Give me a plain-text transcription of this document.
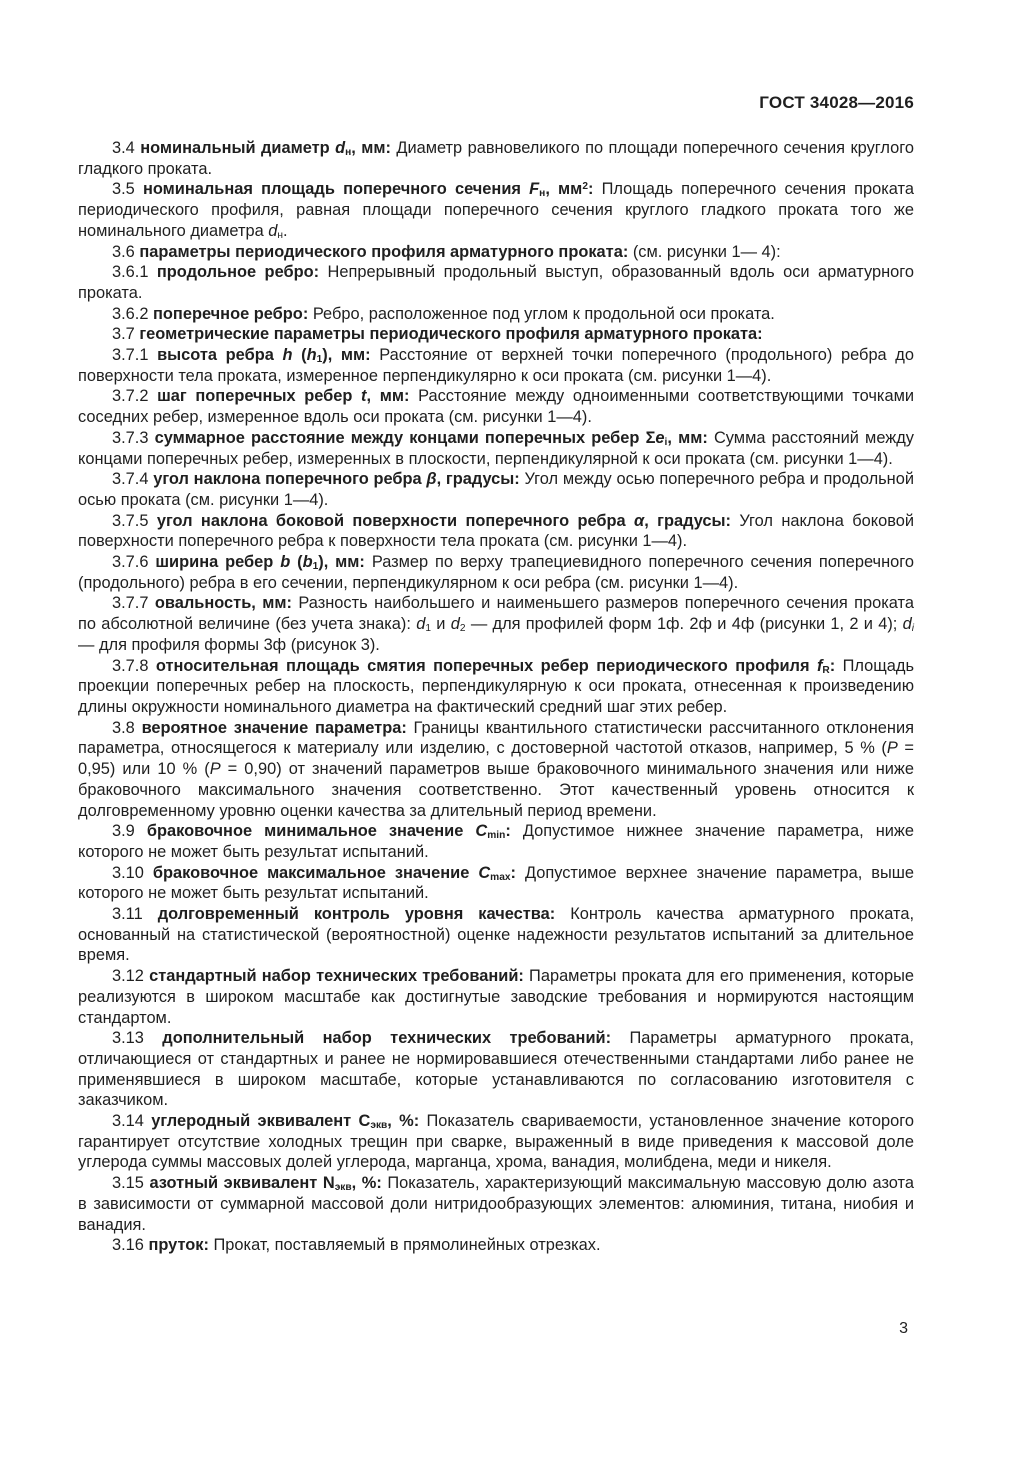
ГОСТ 34028—2016

3.4 номинальный диаметр $d_н$, мм: Диаметр равновеликого по площади поперечного сечения круглого гладкого проката.

3.5 номинальная площадь поперечного сечения $F_н$, $мм^2$: Площадь поперечного сечения проката периодического профиля, равная площади поперечного сечения круглого гладкого проката того же номинального диаметра $d_н$.

3.6 параметры периодического профиля арматурного проката: (см. рисунки 1— 4):

3.6.1 продольное ребро: Непрерывный продольный выступ, образованный вдоль оси арматурного проката.

3.6.2 поперечное ребро: Ребро, расположенное под углом к продольной оси проката.

3.7 геометрические параметры периодического профиля арматурного проката:

3.7.1 высота ребра h $(h_1)$, мм: Расстояние от верхней точки поперечного (продольного) ребра до поверхности тела проката, измеренное перпендикулярно к оси проката (см. рисунки 1—4).

3.7.2 шаг поперечных ребер t, мм: Расстояние между одноименными соответствующими точками соседних ребер, измеренное вдоль оси проката (см. рисунки 1—4).

3.7.3 суммарное расстояние между концами поперечных ребер $\Sigma e_i$, мм: Сумма расстояний между концами поперечных ребер, измеренных в плоскости, перпендикулярной к оси проката (см. рисунки 1—4).

3.7.4 угол наклона поперечного ребра β, градусы: Угол между осью поперечного ребра и продольной осью проката (см. рисунки 1—4).

3.7.5 угол наклона боковой поверхности поперечного ребра α, градусы: Угол наклона боковой поверхности поперечного ребра к поверхности тела проката (см. рисунки 1—4).

3.7.6 ширина ребер b $(b_1)$, мм: Размер по верху трапециевидного поперечного сечения поперечного (продольного) ребра в его сечении, перпендикулярном к оси ребра (см. рисунки 1—4).

3.7.7 овальность, мм: Разность наибольшего и наименьшего размеров поперечного сечения проката по абсолютной величине (без учета знака): $d_1$ и $d_2$ — для профилей форм 1ф. 2ф и 4ф (рисунки 1, 2 и 4); $d_i$ — для профиля формы 3ф (рисунок 3).

3.7.8 относительная площадь смятия поперечных ребер периодического профиля $f_R$: Площадь проекции поперечных ребер на плоскость, перпендикулярную к оси проката, отнесенная к произведению длины окружности номинального диаметра на фактический средний шаг этих ребер.

3.8 вероятное значение параметра: Границы квантильного статистически рассчитанного отклонения параметра, относящегося к материалу или изделию, с достоверной частотой отказов, например, 5 % (P = 0,95) или 10 % (P = 0,90) от значений параметров выше браковочного минимального значения или ниже браковочного максимального значения соответственно. Этот качественный уровень относится к долговременному уровню оценки качества за длительный период времени.

3.9 браковочное минимальное значение $C_{min}$: Допустимое нижнее значение параметра, ниже которого не может быть результат испытаний.

3.10 браковочное максимальное значение $C_{max}$: Допустимое верхнее значение параметра, выше которого не может быть результат испытаний.

3.11 долговременный контроль уровня качества: Контроль качества арматурного проката, основанный на статистической (вероятностной) оценке надежности результатов испытаний за длительное время.

3.12 стандартный набор технических требований: Параметры проката для его применения, которые реализуются в широком масштабе как достигнутые заводские требования и нормируются настоящим стандартом.

3.13 дополнительный набор технических требований: Параметры арматурного проката, отличающиеся от стандартных и ранее не нормировавшиеся отечественными стандартами либо ранее не применявшиеся в широком масштабе, которые устанавливаются по согласованию изготовителя с заказчиком.

3.14 углеродный эквивалент $С_{экв}$, %: Показатель свариваемости, установленное значение которого гарантирует отсутствие холодных трещин при сварке, выраженный в виде приведения к массовой доле углерода суммы массовых долей углерода, марганца, хрома, ванадия, молибдена, меди и никеля.

3.15 азотный эквивалент $N_{экв}$, %: Показатель, характеризующий максимальную массовую долю азота в зависимости от суммарной массовой доли нитридообразующих элементов: алюминия, титана, ниобия и ванадия.

3.16 пруток: Прокат, поставляемый в прямолинейных отрезках.

3
